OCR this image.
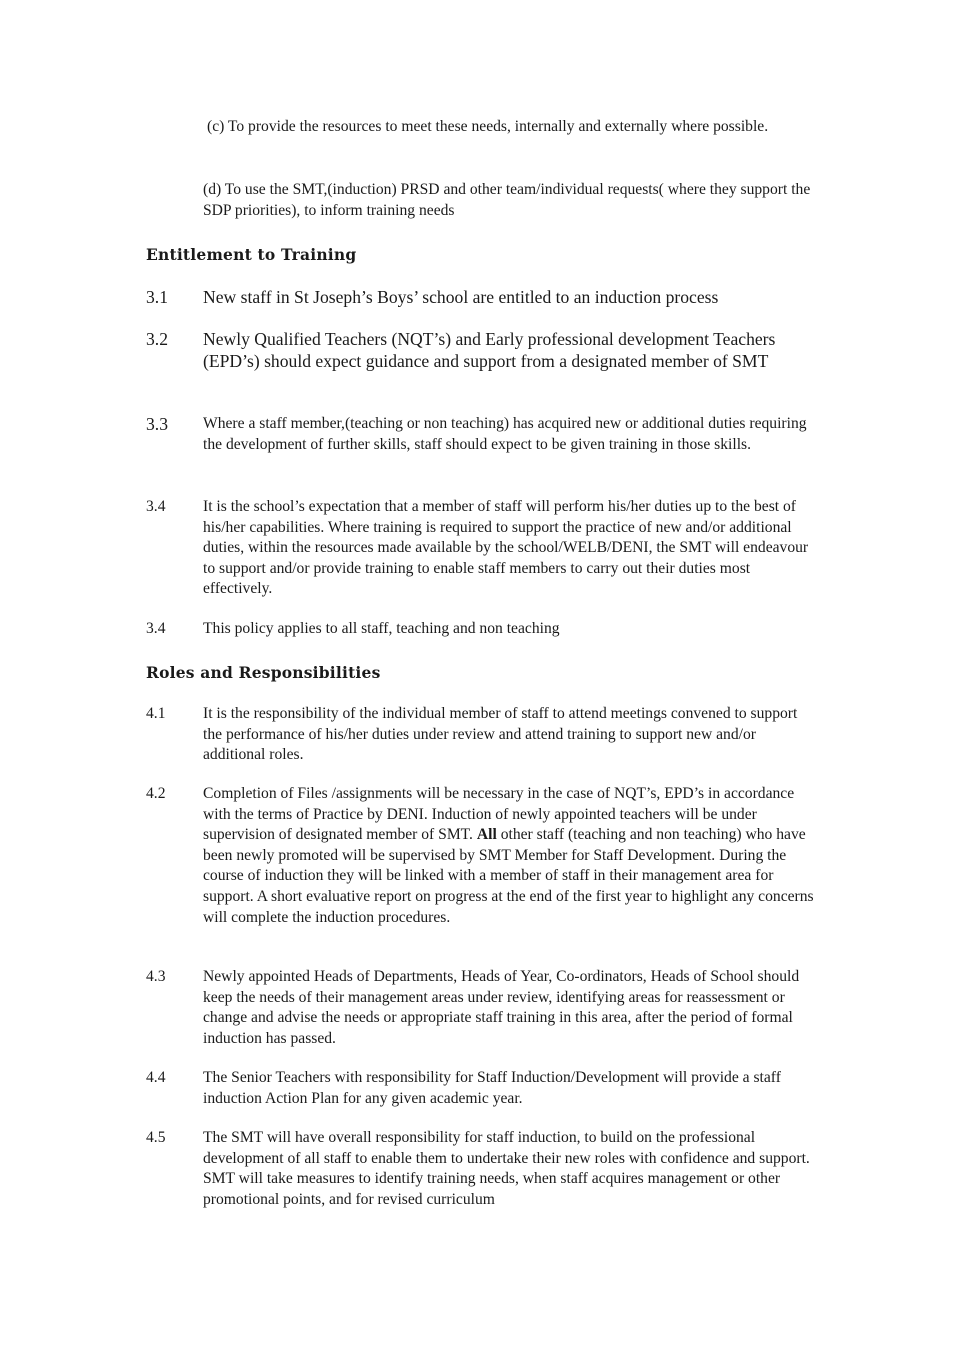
(c) To provide the resources to meet these needs, internally and externally where possible.

(d) To use the SMT,(induction) PRSD and other team/individual requests( where they support the SDP priorities), to inform training needs

Entitlement to Training
3.1 New staff in St Joseph’s Boys’ school are entitled to an induction process
3.2 Newly Qualified Teachers (NQT’s) and Early professional development Teachers (EPD’s) should expect guidance and support from a designated member of SMT
3.3 Where a staff member,(teaching or non teaching) has acquired new or additional duties requiring the development of further skills, staff should expect to be given training in those skills.
3.4 It is the school’s expectation that a member of staff will perform his/her duties up to the best of his/her capabilities. Where training is required to support the practice of new and/or additional duties, within the resources made available by the school/WELB/DENI, the SMT will endeavour to support and/or provide training to enable staff members to carry out their duties most effectively.
3.4 This policy applies to all staff, teaching and non teaching
Roles and Responsibilities
4.1 It is the responsibility of the individual member of staff to attend meetings convened to support the performance of his/her duties under review and attend training to support new and/or additional roles.
4.2 Completion of Files /assignments will be necessary in the case of NQT’s, EPD’s in accordance with the terms of Practice by DENI. Induction of newly appointed teachers will be under supervision of designated member of SMT. All other staff (teaching and non teaching) who have been newly promoted will be supervised by SMT Member for Staff Development. During the course of induction they will be linked with a member of staff in their management area for support. A short evaluative report on progress at the end of the first year to highlight any concerns will complete the induction procedures.
4.3 Newly appointed Heads of Departments, Heads of Year, Co-ordinators, Heads of School should keep the needs of their management areas under review, identifying areas for reassessment or change and advise the needs or appropriate staff training in this area, after the period of formal induction has passed.
4.4 The Senior Teachers with responsibility for Staff Induction/Development will provide a staff induction Action Plan for any given academic year.
4.5 The SMT will have overall responsibility for staff induction, to build on the professional development of all staff to enable them to undertake their new roles with confidence and support. SMT will take measures to identify training needs, when staff acquires management or other promotional points, and for revised curriculum
